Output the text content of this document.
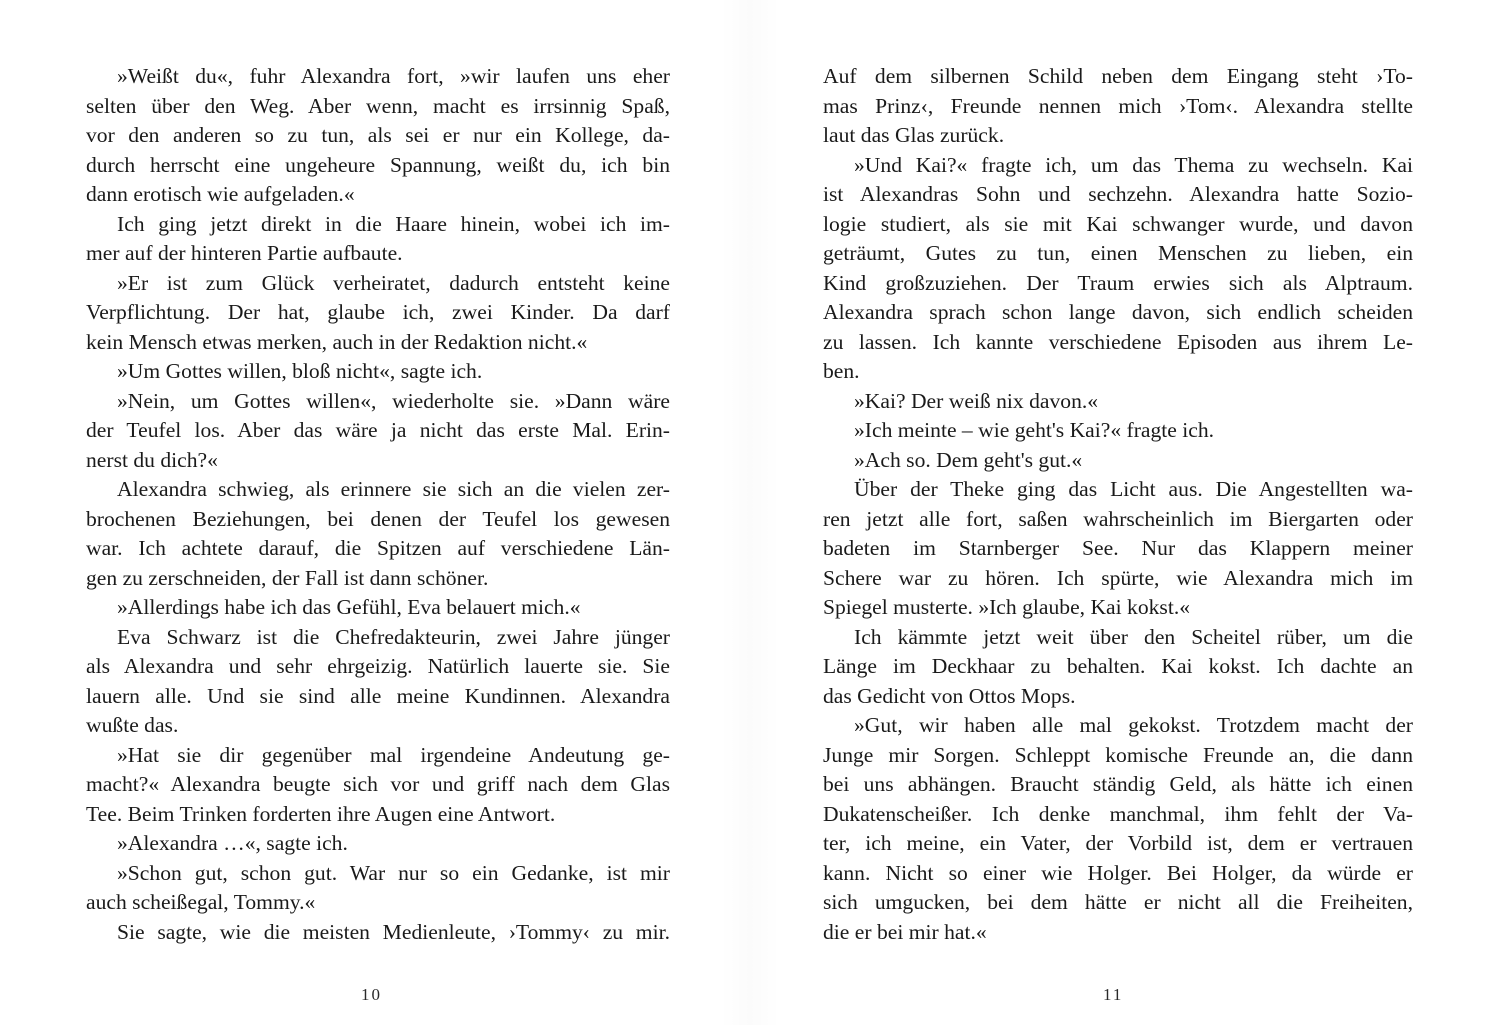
»Weißt du«, fuhr Alexandra fort, »wir laufen uns eher
selten über den Weg. Aber wenn, macht es irrsinnig Spaß,
vor den anderen so zu tun, als sei er nur ein Kollege, da-
durch herrscht eine ungeheure Spannung, weißt du, ich bin
dann erotisch wie aufgeladen.«
Ich ging jetzt direkt in die Haare hinein, wobei ich im-
mer auf der hinteren Partie aufbaute.
»Er ist zum Glück verheiratet, dadurch entsteht keine
Verpflichtung. Der hat, glaube ich, zwei Kinder. Da darf
kein Mensch etwas merken, auch in der Redaktion nicht.«
»Um Gottes willen, bloß nicht«, sagte ich.
»Nein, um Gottes willen«, wiederholte sie. »Dann wäre
der Teufel los. Aber das wäre ja nicht das erste Mal. Erin-
nerst du dich?«
Alexandra schwieg, als erinnere sie sich an die vielen zer-
brochenen Beziehungen, bei denen der Teufel los gewesen
war. Ich achtete darauf, die Spitzen auf verschiedene Län-
gen zu zerschneiden, der Fall ist dann schöner.
»Allerdings habe ich das Gefühl, Eva belauert mich.«
Eva Schwarz ist die Chefredakteurin, zwei Jahre jünger
als Alexandra und sehr ehrgeizig. Natürlich lauerte sie. Sie
lauern alle. Und sie sind alle meine Kundinnen. Alexandra
wußte das.
»Hat sie dir gegenüber mal irgendeine Andeutung ge-
macht?« Alexandra beugte sich vor und griff nach dem Glas
Tee. Beim Trinken forderten ihre Augen eine Antwort.
»Alexandra …«, sagte ich.
»Schon gut, schon gut. War nur so ein Gedanke, ist mir
auch scheißegal, Tommy.«
Sie sagte, wie die meisten Medienleute, ›Tommy‹ zu mir.
10
Auf dem silbernen Schild neben dem Eingang steht ›To-
mas Prinz‹, Freunde nennen mich ›Tom‹. Alexandra stellte
laut das Glas zurück.
»Und Kai?« fragte ich, um das Thema zu wechseln. Kai
ist Alexandras Sohn und sechzehn. Alexandra hatte Sozio-
logie studiert, als sie mit Kai schwanger wurde, und davon
geträumt, Gutes zu tun, einen Menschen zu lieben, ein
Kind großzuziehen. Der Traum erwies sich als Alptraum.
Alexandra sprach schon lange davon, sich endlich scheiden
zu lassen. Ich kannte verschiedene Episoden aus ihrem Le-
ben.
»Kai? Der weiß nix davon.«
»Ich meinte – wie geht's Kai?« fragte ich.
»Ach so. Dem geht's gut.«
Über der Theke ging das Licht aus. Die Angestellten wa-
ren jetzt alle fort, saßen wahrscheinlich im Biergarten oder
badeten im Starnberger See. Nur das Klappern meiner
Schere war zu hören. Ich spürte, wie Alexandra mich im
Spiegel musterte. »Ich glaube, Kai kokst.«
Ich kämmte jetzt weit über den Scheitel rüber, um die
Länge im Deckhaar zu behalten. Kai kokst. Ich dachte an
das Gedicht von Ottos Mops.
»Gut, wir haben alle mal gekokst. Trotzdem macht der
Junge mir Sorgen. Schleppt komische Freunde an, die dann
bei uns abhängen. Braucht ständig Geld, als hätte ich einen
Dukatenscheißer. Ich denke manchmal, ihm fehlt der Va-
ter, ich meine, ein Vater, der Vorbild ist, dem er vertrauen
kann. Nicht so einer wie Holger. Bei Holger, da würde er
sich umgucken, bei dem hätte er nicht all die Freiheiten,
die er bei mir hat.«
11
